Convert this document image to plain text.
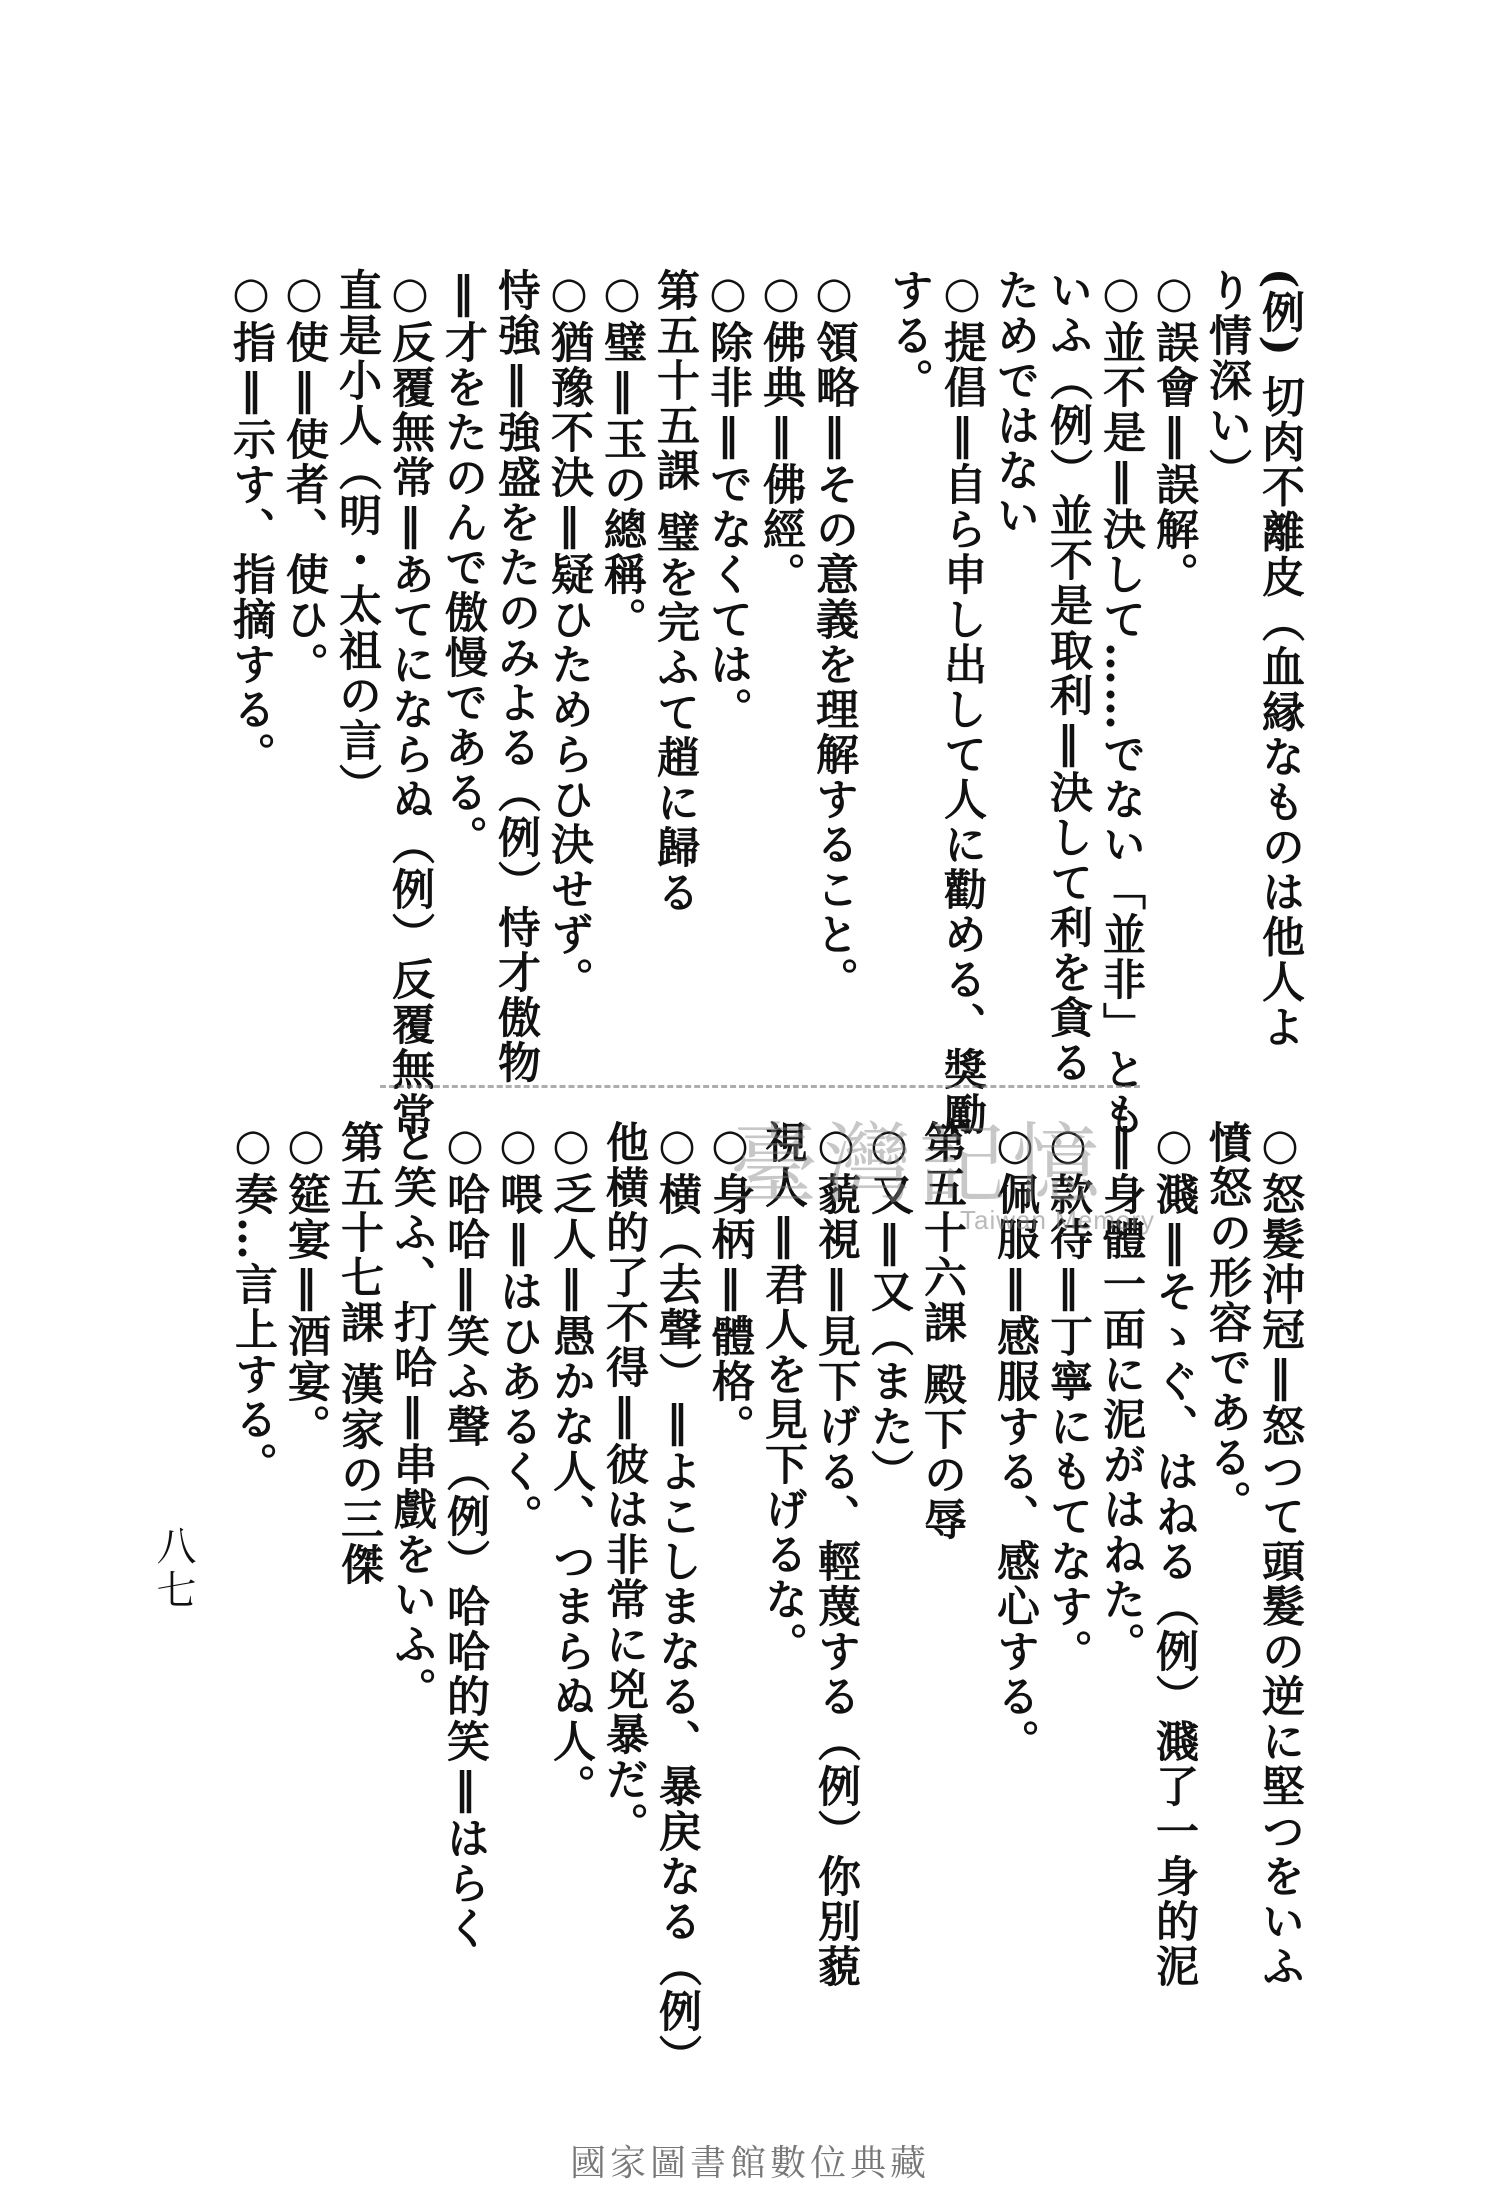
(例) 切肉不離皮（血縁なものは他人よ
り情深い）
○誤會‖誤解。
○並不是‖決して……でない「並非」とも
いふ（例）並不是取利‖決して利を貪る
ためではない
○提倡‖自ら申し出して人に勸める、獎勵
する。
○領略‖その意義を理解すること。
○佛典‖佛經。
○除非‖でなくては。
第五十五課 璧を完ふて趙に歸る
○璧‖玉の總稱。
○猶豫不決‖疑ひためらひ決せず。
恃強‖強盛をたのみよる（例）恃才傲物
‖才をたのんで傲慢である。
○反覆無常‖あてにならぬ（例）反覆無常
直是小人（明・太祖の言）
○使‖使者、使ひ。
○指‖示す、指摘する。
○怒髮沖冠‖怒つて頭髮の逆に堅つをいふ
憤怒の形容である。
○濺‖そゝぐ、はねる（例）濺了一身的泥
‖身體一面に泥がはねた。
○款待‖丁寧にもてなす。
○佩服‖感服する、感心する。
第五十六課 殿下の辱
○又‖又（また）
○藐視‖見下げる、輕蔑する（例）你別藐
視人‖君人を見下げるな。
○身柄‖體格。
○横（去聲）‖よこしまなる、暴戻なる（例）
他横的了不得‖彼は非常に兇暴だ。
○乏人‖愚かな人、つまらぬ人。
○喂‖はひあるく。
○哈哈‖笑ふ聲（例）哈哈的笑‖はらく
と笑ふ、打哈‖串戲をいふ。
第五十七課 漢家の三傑
○筵宴‖酒宴。
○奏…言上する。	臺灣記憶
Taiwan Memory
八七
國家圖書館數位典藏
